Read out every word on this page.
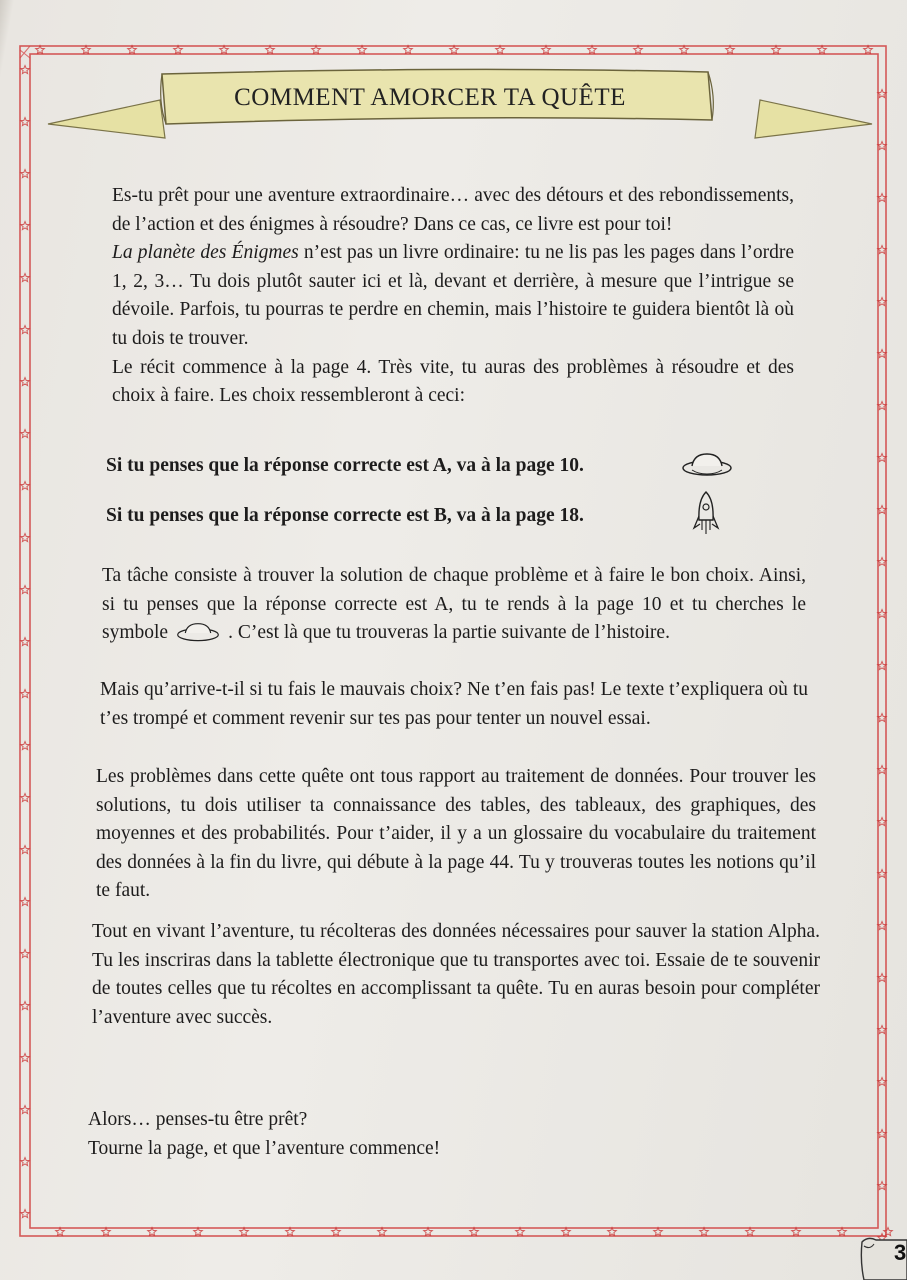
COMMENT AMORCER TA QUÊTE

Es-tu prêt pour une aventure extraordinaire… avec des détours et des rebondissements, de l’action et des énigmes à résoudre? Dans ce cas, ce livre est pour toi!

La planète des Énigmes n’est pas un livre ordinaire: tu ne lis pas les pages dans l’ordre 1, 2, 3… Tu dois plutôt sauter ici et là, devant et derrière, à mesure que l’intrigue se dévoile. Parfois, tu pourras te perdre en chemin, mais l’histoire te guidera bientôt là où tu dois te trouver.

Le récit commence à la page 4. Très vite, tu auras des problèmes à résoudre et des choix à faire. Les choix ressembleront à ceci:

Si tu penses que la réponse correcte est A, va à la page 10.
Si tu penses que la réponse correcte est B, va à la page 18.

Ta tâche consiste à trouver la solution de chaque problème et à faire le bon choix. Ainsi, si tu penses que la réponse correcte est A, tu te rends à la page 10 et tu cherches le symbole	. C’est là que tu trouveras la partie suivante de l’histoire.

Mais qu’arrive-t-il si tu fais le mauvais choix? Ne t’en fais pas! Le texte t’expliquera où tu t’es trompé et comment revenir sur tes pas pour tenter un nouvel essai.

Les problèmes dans cette quête ont tous rapport au traitement de données. Pour trouver les solutions, tu dois utiliser ta connaissance des tables, des tableaux, des graphiques, des moyennes et des probabilités. Pour t’aider, il y a un glossaire du vocabulaire du traitement des données à la fin du livre, qui débute à la page 44. Tu y trouveras toutes les notions qu’il te faut.

Tout en vivant l’aventure, tu récolteras des données nécessaires pour sauver la station Alpha. Tu les inscriras dans la tablette électronique que tu transportes avec toi. Essaie de te souvenir de toutes celles que tu récoltes en accomplissant ta quête. Tu en auras besoin pour compléter l’aventure avec succès.

Alors… penses-tu être prêt?

Tourne la page, et que l’aventure commence!

3
